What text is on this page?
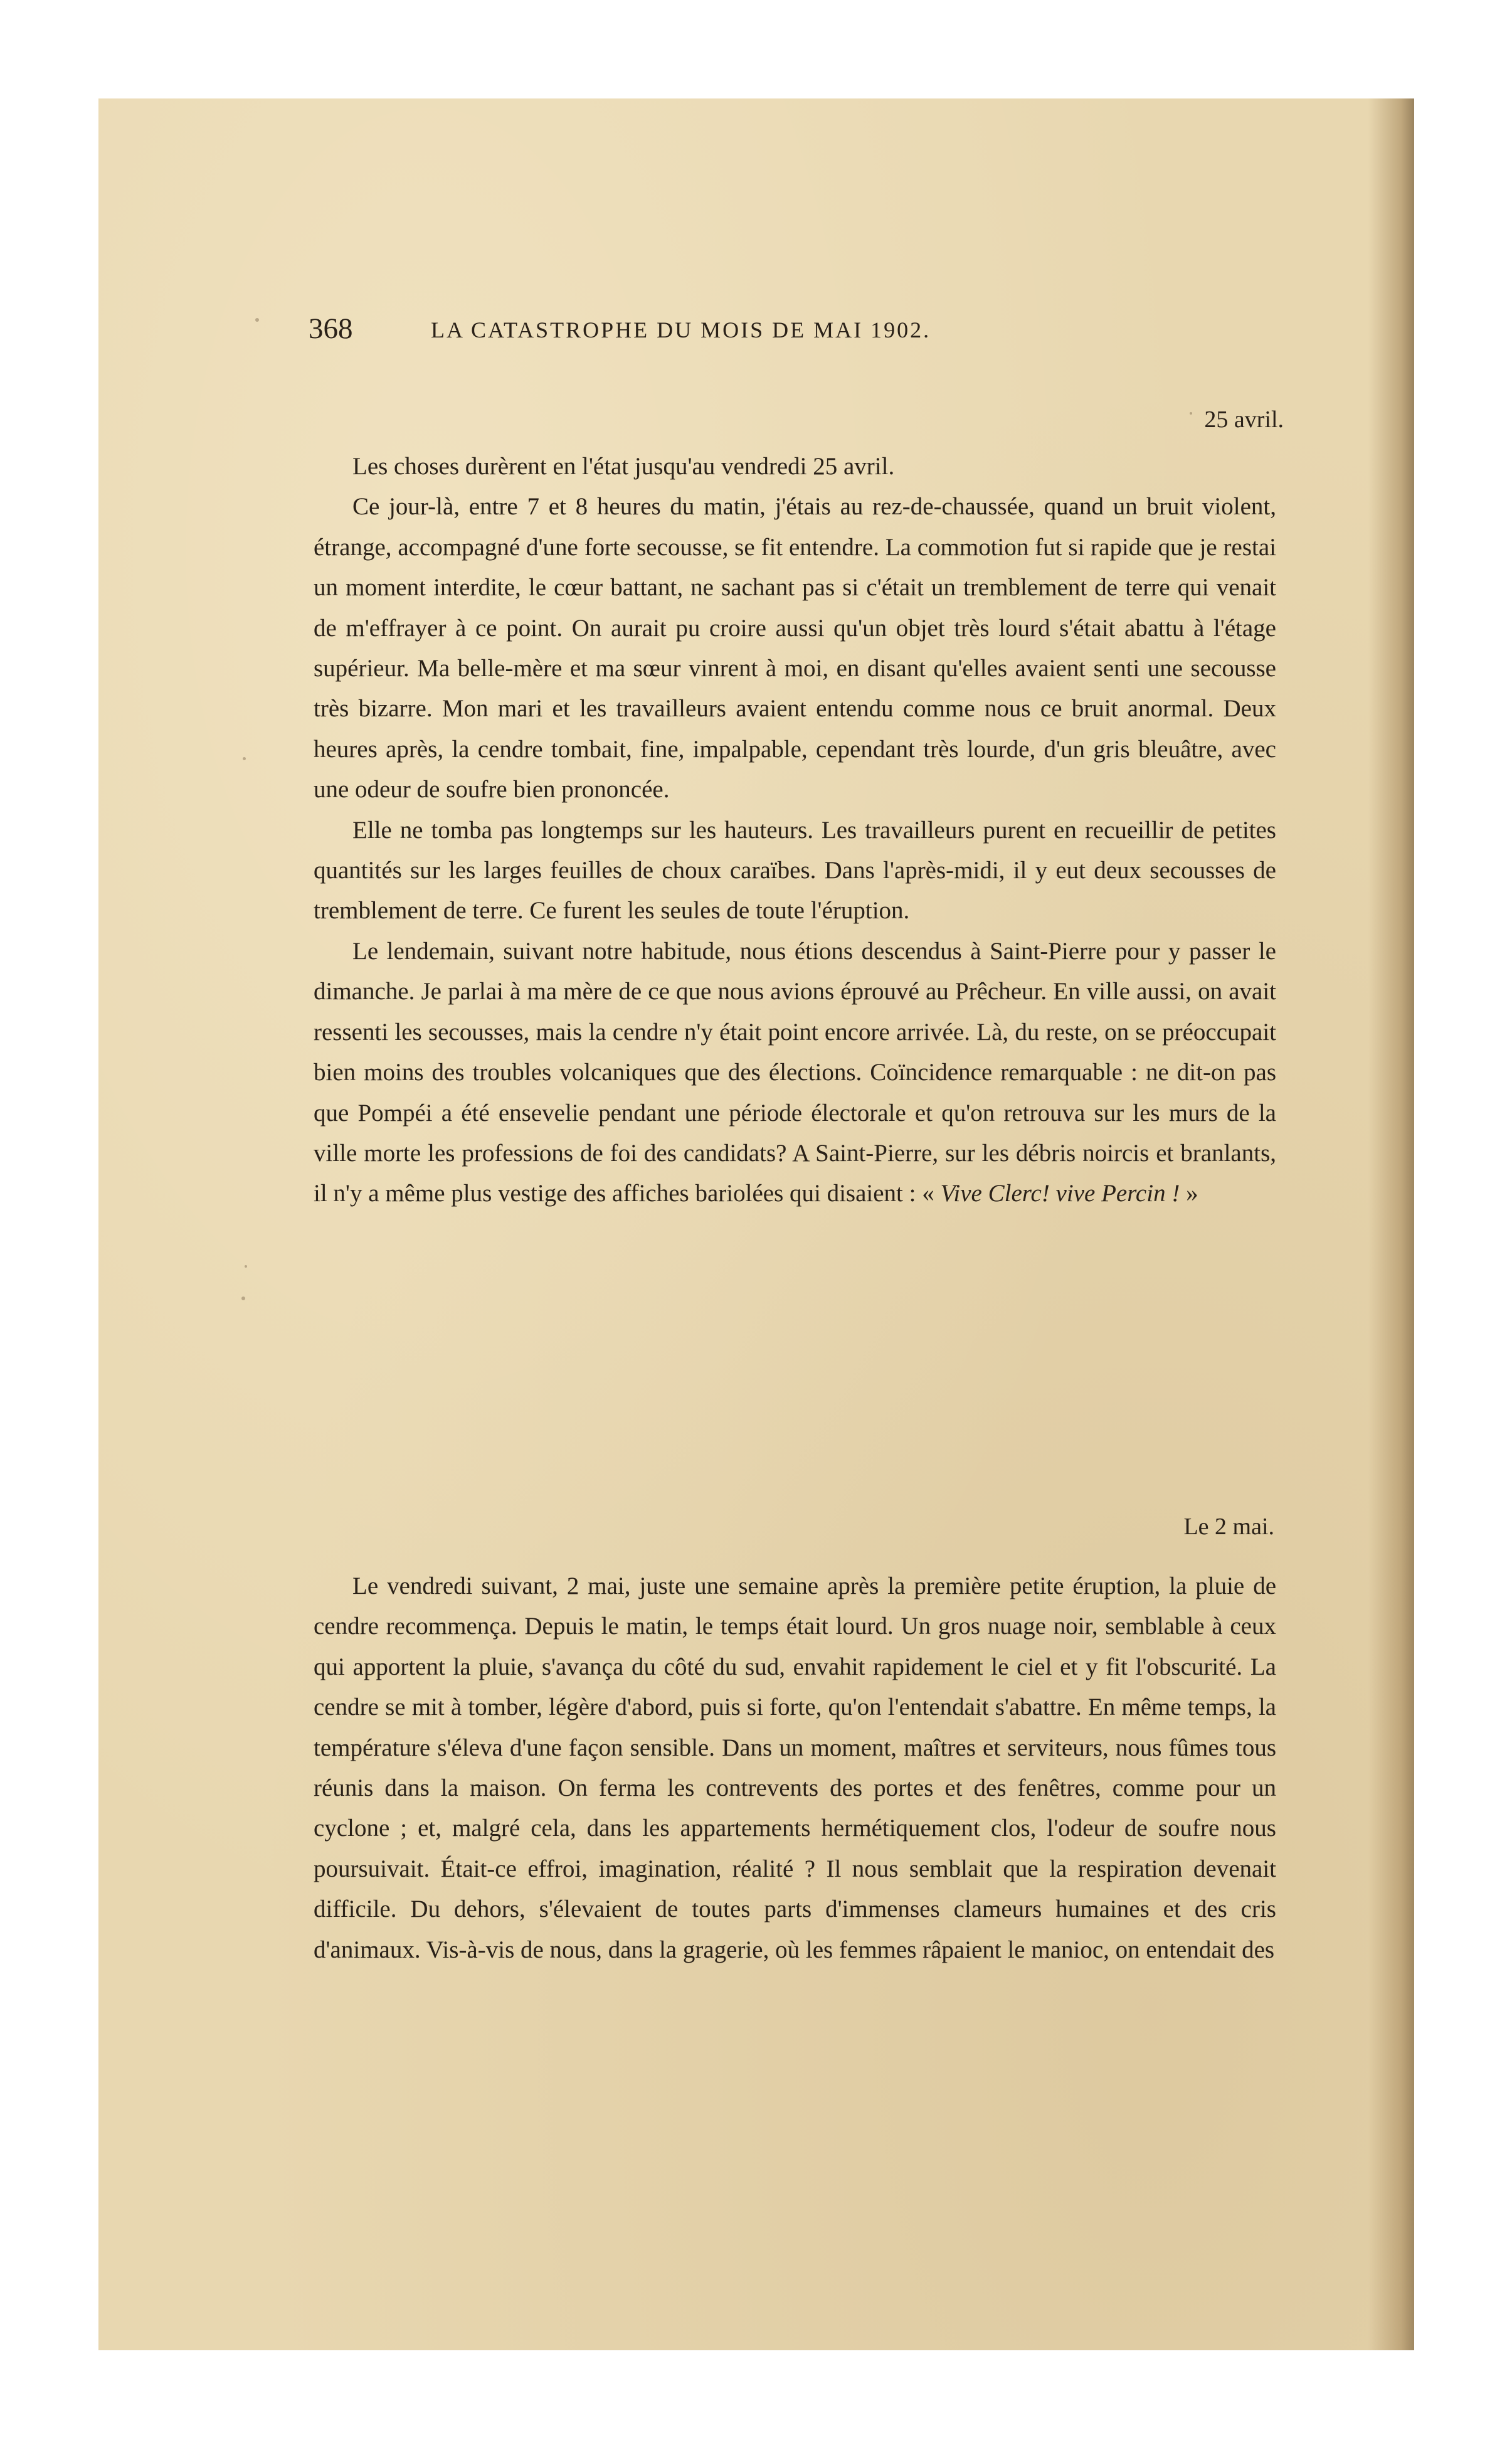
368	LA CATASTROPHE DU MOIS DE MAI 1902.
25 avril.

Les choses durèrent en l'état jusqu'au vendredi 25 avril.

Ce jour-là, entre 7 et 8 heures du matin, j'étais au rez-de-chaussée, quand un bruit violent, étrange, accompagné d'une forte secousse, se fit entendre. La commotion fut si rapide que je restai un moment interdite, le cœur battant, ne sachant pas si c'était un tremblement de terre qui venait de m'effrayer à ce point. On aurait pu croire aussi qu'un objet très lourd s'était abattu à l'étage supérieur. Ma belle-mère et ma sœur vinrent à moi, en disant qu'elles avaient senti une secousse très bizarre. Mon mari et les travailleurs avaient entendu comme nous ce bruit anormal. Deux heures après, la cendre tombait, fine, impalpable, cependant très lourde, d'un gris bleuâtre, avec une odeur de soufre bien prononcée.

Elle ne tomba pas longtemps sur les hauteurs. Les travailleurs purent en recueillir de petites quantités sur les larges feuilles de choux caraïbes. Dans l'après-midi, il y eut deux secousses de tremblement de terre. Ce furent les seules de toute l'éruption.

Le lendemain, suivant notre habitude, nous étions descendus à Saint-Pierre pour y passer le dimanche. Je parlai à ma mère de ce que nous avions éprouvé au Prêcheur. En ville aussi, on avait ressenti les secousses, mais la cendre n'y était point encore arrivée. Là, du reste, on se préoccupait bien moins des troubles volcaniques que des élections. Coïncidence remarquable : ne dit-on pas que Pompéi a été ensevelie pendant une période électorale et qu'on retrouva sur les murs de la ville morte les professions de foi des candidats? A Saint-Pierre, sur les débris noircis et branlants, il n'y a même plus vestige des affiches bariolées qui disaient : « Vive Clerc! vive Percin ! »

Le 2 mai.

Le vendredi suivant, 2 mai, juste une semaine après la première petite éruption, la pluie de cendre recommença. Depuis le matin, le temps était lourd. Un gros nuage noir, semblable à ceux qui apportent la pluie, s'avança du côté du sud, envahit rapidement le ciel et y fit l'obscurité. La cendre se mit à tomber, légère d'abord, puis si forte, qu'on l'entendait s'abattre. En même temps, la température s'éleva d'une façon sensible. Dans un moment, maîtres et serviteurs, nous fûmes tous réunis dans la maison. On ferma les contrevents des portes et des fenêtres, comme pour un cyclone ; et, malgré cela, dans les appartements hermétiquement clos, l'odeur de soufre nous poursuivait. Était-ce effroi, imagination, réalité ? Il nous semblait que la respiration devenait difficile. Du dehors, s'élevaient de toutes parts d'immenses clameurs humaines et des cris d'animaux. Vis-à-vis de nous, dans la gragerie, où les femmes râpaient le manioc, on entendait des
